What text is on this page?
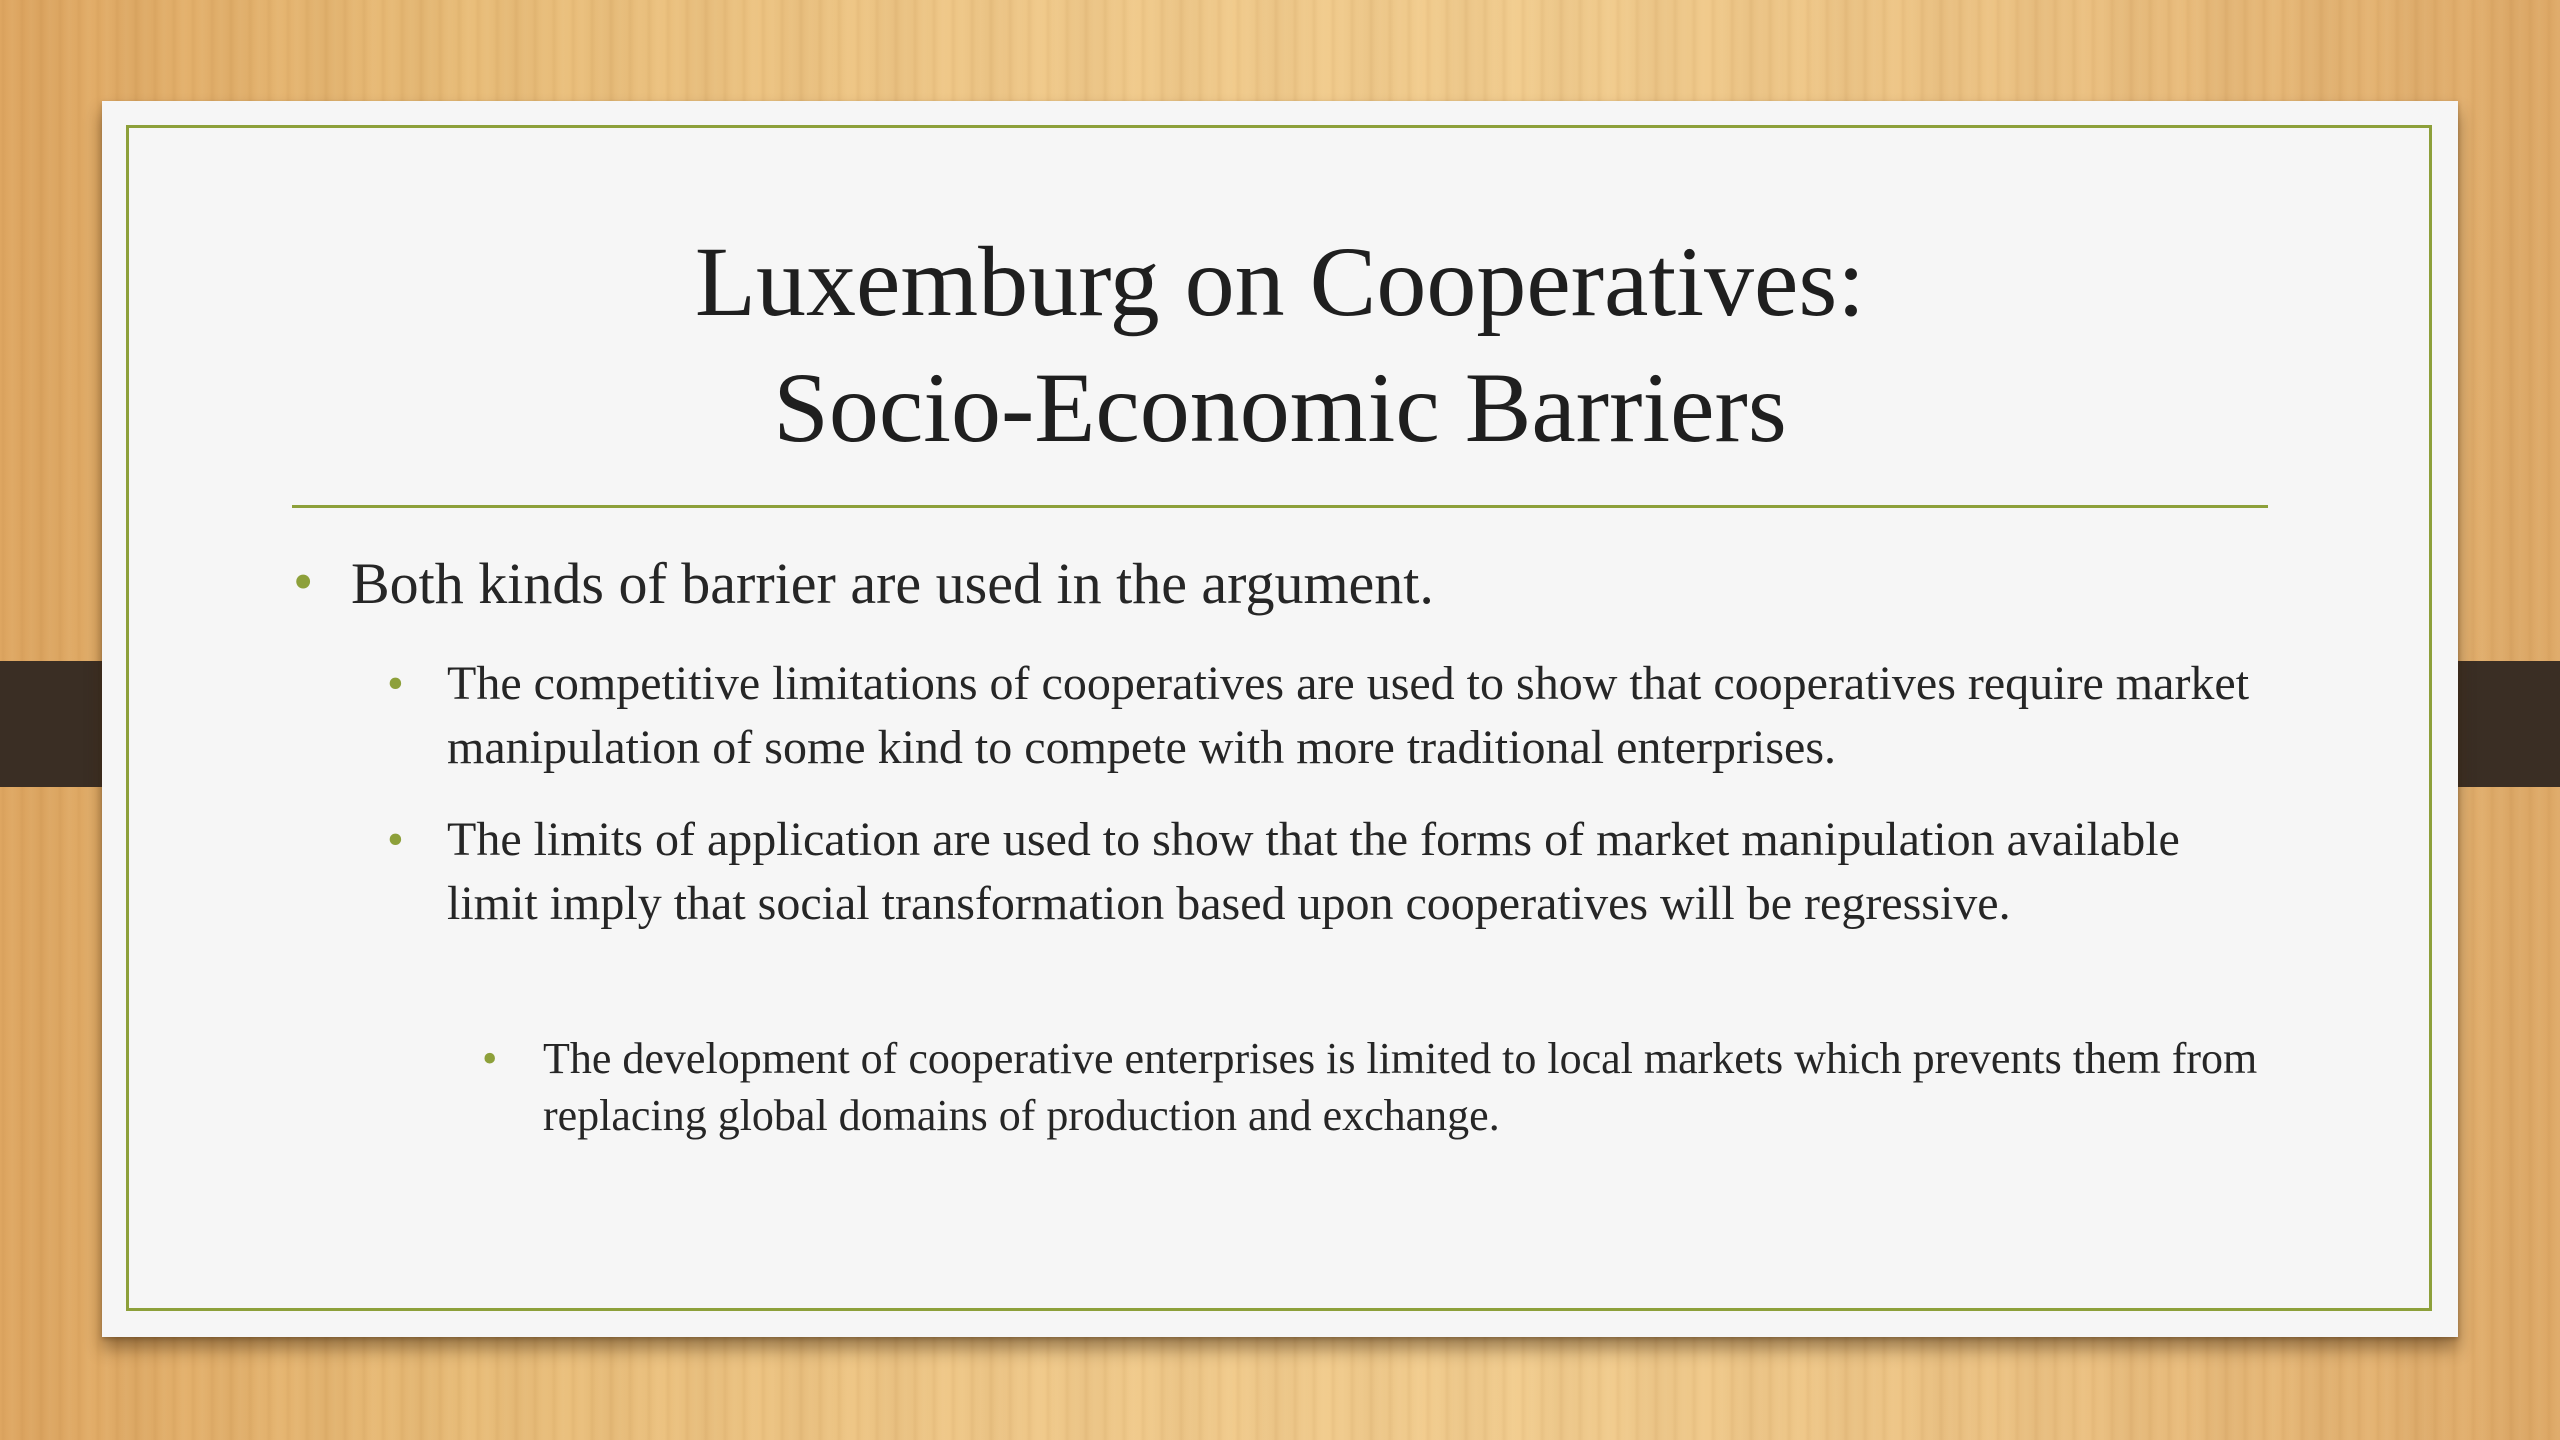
Luxemburg on Cooperatives:
Socio-Economic Barriers
• Both kinds of barrier are used in the argument.

• The competitive limitations of cooperatives are used to show that cooperatives require market manipulation of some kind to compete with more traditional enterprises.

• The limits of application are used to show that the forms of market manipulation available limit imply that social transformation based upon cooperatives will be regressive.

• The development of cooperative enterprises is limited to local markets which prevents them from replacing global domains of production and exchange.
